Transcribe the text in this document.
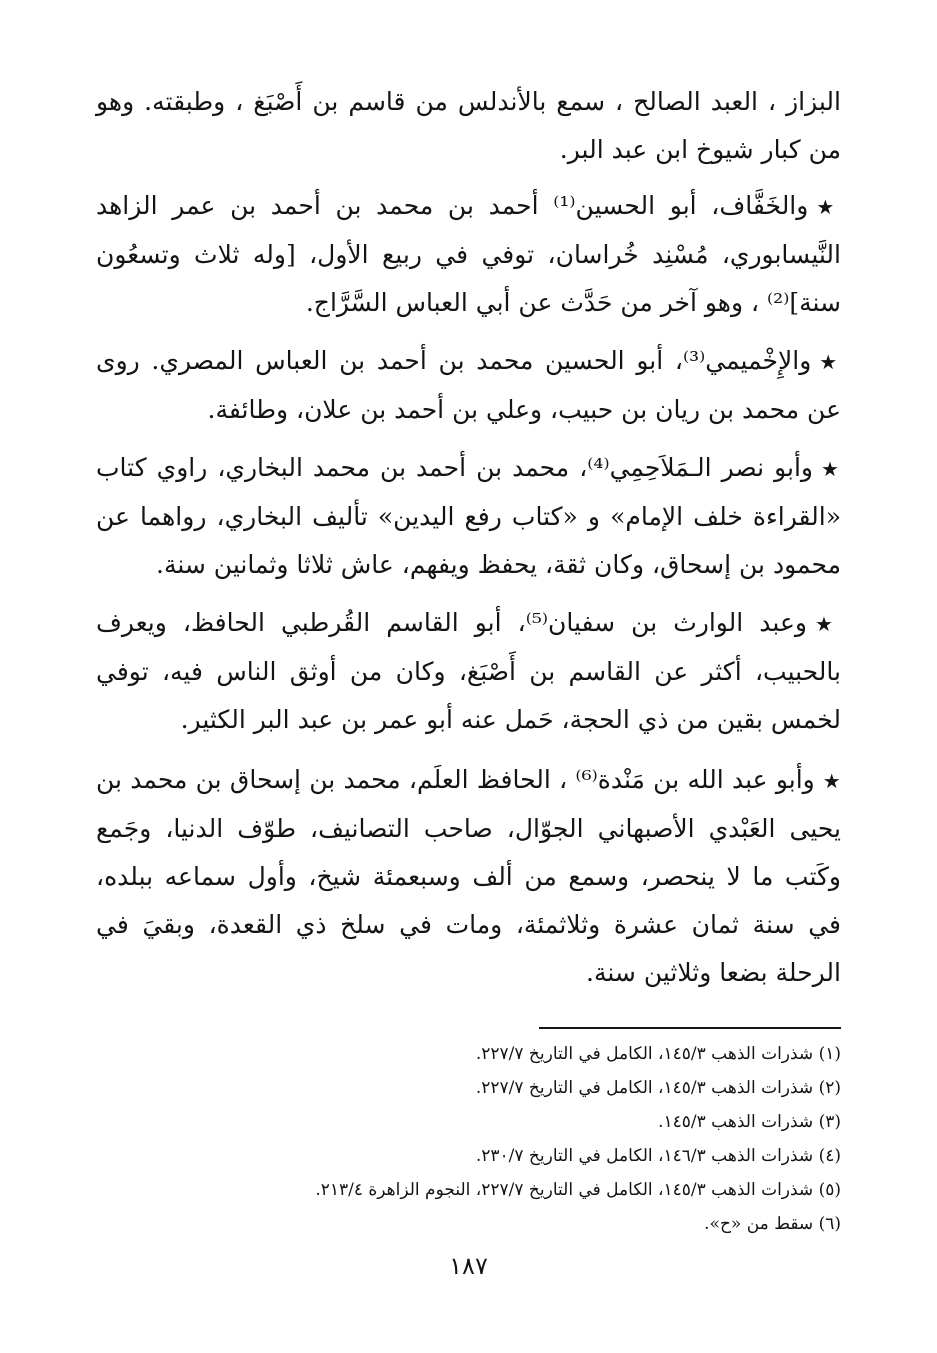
البزاز ، العبد الصالح ، سمع بالأندلس من قاسم بن أَصْبَغ ، وطبقته. وهو من كبار شيوخ ابن عبد البر.

★والخَفَّاف، أبو الحسين⁽¹⁾ أحمد بن محمد بن أحمد بن عمر الزاهد النَّيسابوري، مُسْنِد خُراسان، توفي في ربيع الأول، [وله ثلاث وتسعُون سنة]⁽²⁾ ، وهو آخر من حَدَّث عن أبي العباس السَّرَّاج.

★والإِخْميمي⁽³⁾، أبو الحسين محمد بن أحمد بن العباس المصري. روى عن محمد بن ريان بن حبيب، وعلي بن أحمد بن علان، وطائفة.

★وأبو نصر الـمَلاَحِمِي⁽⁴⁾، محمد بن أحمد بن محمد البخاري، راوي كتاب «القراءة خلف الإمام» و «كتاب رفع اليدين» تأليف البخاري، رواهما عن محمود بن إسحاق، وكان ثقة، يحفظ ويفهم، عاش ثلاثا وثمانين سنة.

★وعبد الوارث بن سفيان⁽⁵⁾، أبو القاسم القُرطبي الحافظ، ويعرف بالحبيب، أكثر عن القاسم بن أَصْبَغ، وكان من أوثق الناس فيه، توفي لخمس بقين من ذي الحجة، حَمل عنه أبو عمر بن عبد البر الكثير.

★وأبو عبد الله بن مَنْدة⁽⁶⁾ ، الحافظ العلَم، محمد بن إسحاق بن محمد بن يحيى العَبْدي الأصبهاني الجوّال، صاحب التصانيف، طوّف الدنيا، وجَمع وكَتب ما لا ينحصر، وسمع من ألف وسبعمئة شيخ، وأول سماعه ببلده، في سنة ثمان عشرة وثلاثمئة، ومات في سلخ ذي القعدة، وبقيَ في الرحلة بضعا وثلاثين سنة.

(١) شذرات الذهب ١٤٥/٣، الكامل في التاريخ ٢٢٧/٧.

(٢) شذرات الذهب ١٤٥/٣، الكامل في التاريخ ٢٢٧/٧.

(٣) شذرات الذهب ١٤٥/٣.

(٤) شذرات الذهب ١٤٦/٣، الكامل في التاريخ ٢٣٠/٧.

(٥) شذرات الذهب ١٤٥/٣، الكامل في التاريخ ٢٢٧/٧، النجوم الزاهرة ٢١٣/٤.

(٦) سقط من «ح».

١٨٧
